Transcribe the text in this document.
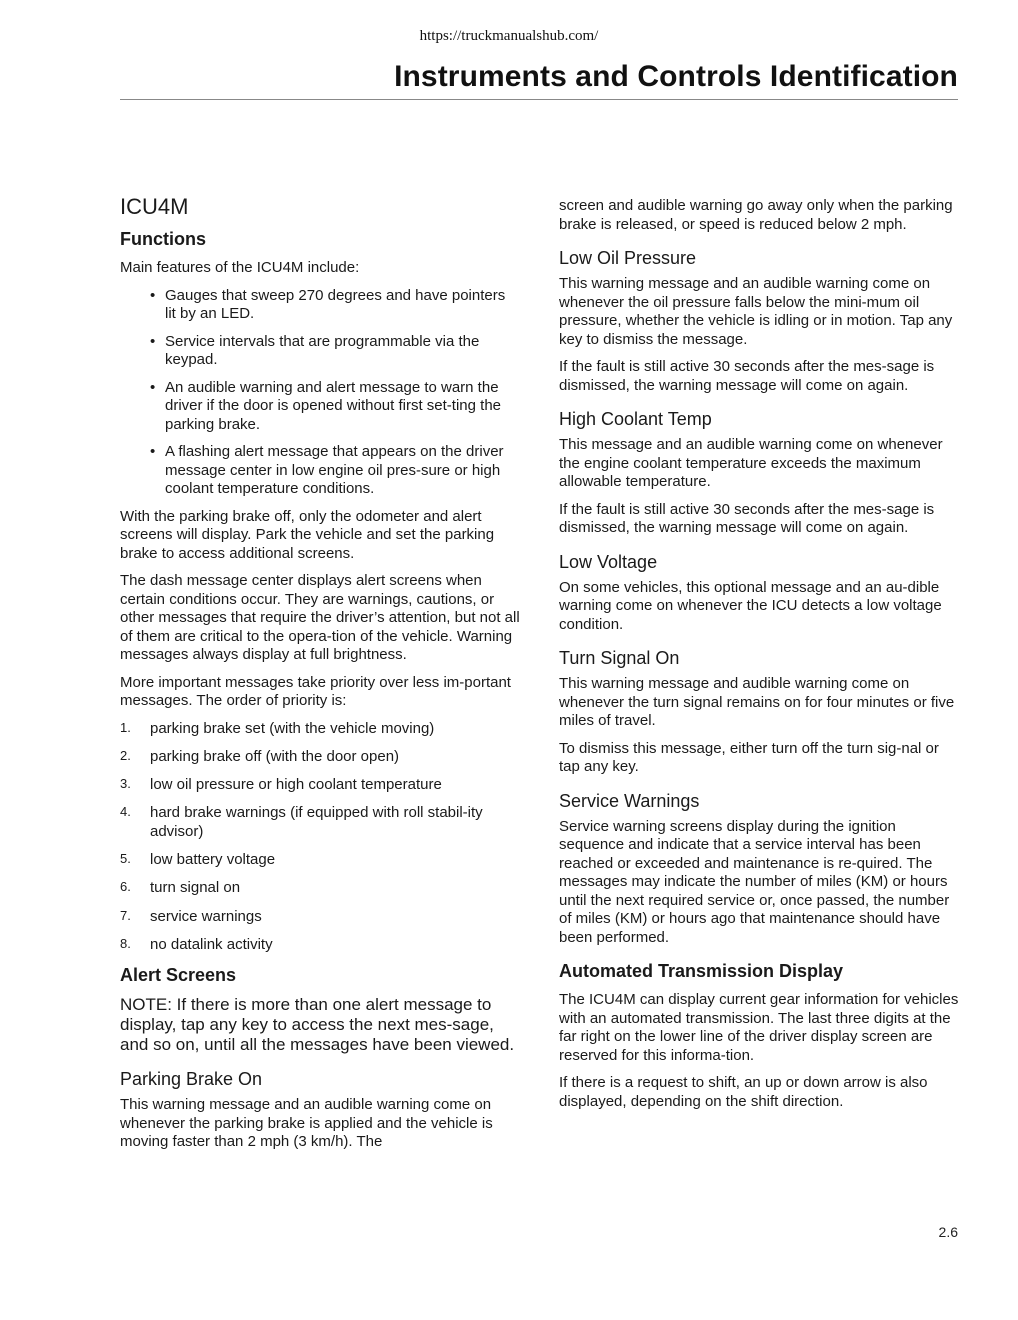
https://truckmanualshub.com/
Instruments and Controls Identification
ICU4M
Functions

Main features of the ICU4M include:

• Gauges that sweep 270 degrees and have pointers lit by an LED.
• Service intervals that are programmable via the keypad.
• An audible warning and alert message to warn the driver if the door is opened without first set-ting the parking brake.
• A flashing alert message that appears on the driver message center in low engine oil pres-sure or high coolant temperature conditions.

With the parking brake off, only the odometer and alert screens will display. Park the vehicle and set the parking brake to access additional screens.

The dash message center displays alert screens when certain conditions occur. They are warnings, cautions, or other messages that require the driver’s attention, but not all of them are critical to the opera-tion of the vehicle. Warning messages always display at full brightness.

More important messages take priority over less im-portant messages. The order of priority is:

1. parking brake set (with the vehicle moving)
2. parking brake off (with the door open)
3. low oil pressure or high coolant temperature
4. hard brake warnings (if equipped with roll stabil-ity advisor)
5. low battery voltage
6. turn signal on
7. service warnings
8. no datalink activity
Alert Screens

NOTE: If there is more than one alert message to display, tap any key to access the next mes-sage, and so on, until all the messages have been viewed.

Parking Brake On

This warning message and an audible warning come on whenever the parking brake is applied and the vehicle is moving faster than 2 mph (3 km/h). The

screen and audible warning go away only when the parking brake is released, or speed is reduced below 2 mph.

Low Oil Pressure

This warning message and an audible warning come on whenever the oil pressure falls below the mini-mum oil pressure, whether the vehicle is idling or in motion. Tap any key to dismiss the message.

If the fault is still active 30 seconds after the mes-sage is dismissed, the warning message will come on again.

High Coolant Temp

This message and an audible warning come on whenever the engine coolant temperature exceeds the maximum allowable temperature.

If the fault is still active 30 seconds after the mes-sage is dismissed, the warning message will come on again.

Low Voltage

On some vehicles, this optional message and an au-dible warning come on whenever the ICU detects a low voltage condition.

Turn Signal On

This warning message and audible warning come on whenever the turn signal remains on for four minutes or five miles of travel.

To dismiss this message, either turn off the turn sig-nal or tap any key.

Service Warnings

Service warning screens display during the ignition sequence and indicate that a service interval has been reached or exceeded and maintenance is re-quired. The messages may indicate the number of miles (KM) or hours until the next required service or, once passed, the number of miles (KM) or hours ago that maintenance should have been performed.

Automated Transmission Display

The ICU4M can display current gear information for vehicles with an automated transmission. The last three digits at the far right on the lower line of the driver display screen are reserved for this informa-tion.

If there is a request to shift, an up or down arrow is also displayed, depending on the shift direction.

2.6
